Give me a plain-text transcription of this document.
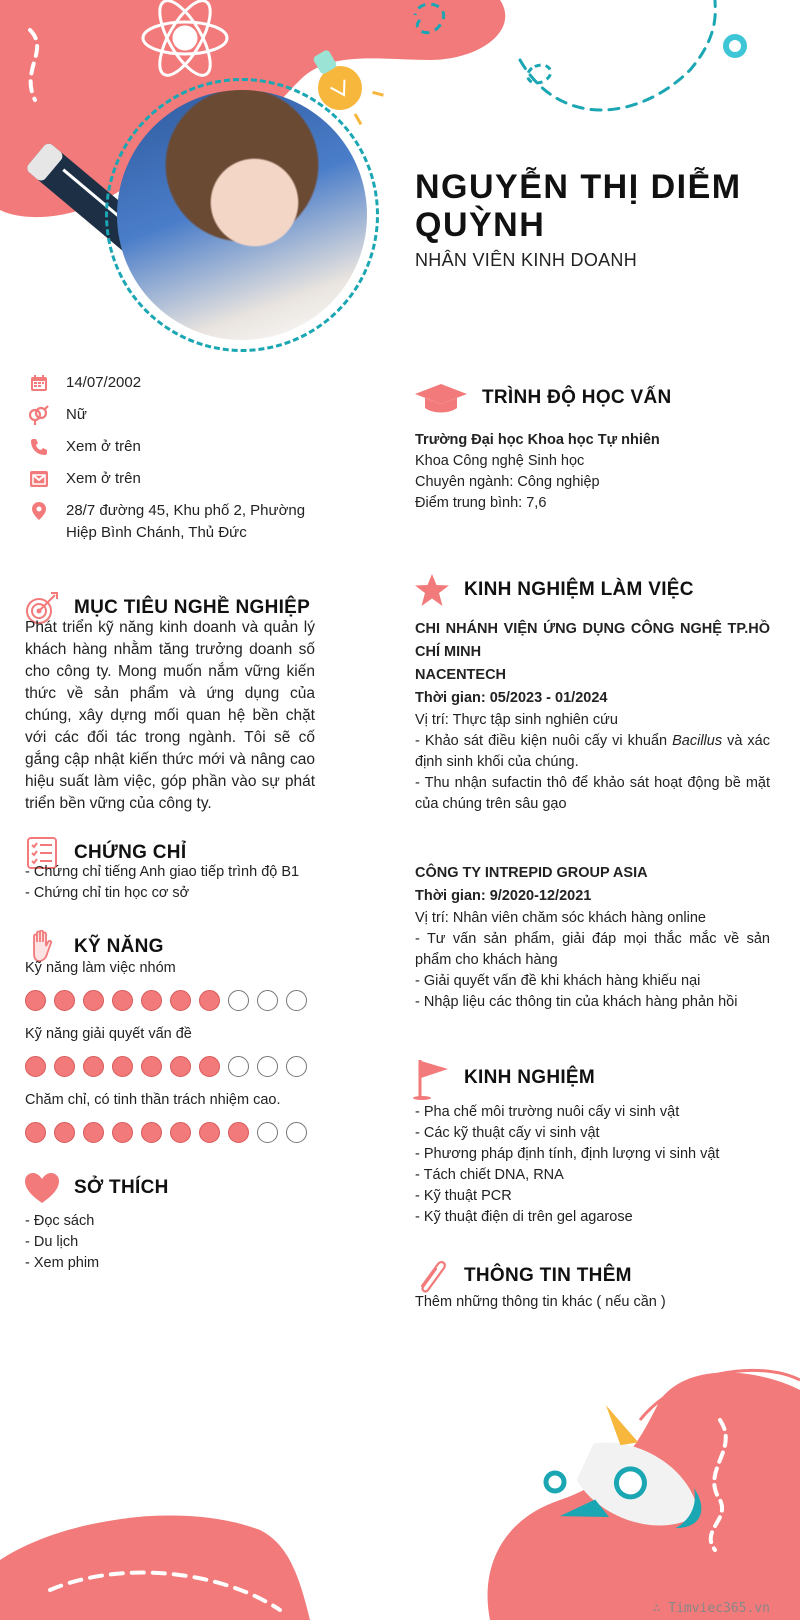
NGUYỄN THỊ DIỄM QUỲNH
NHÂN VIÊN KINH DOANH
14/07/2002
Nữ
Xem ở trên
Xem ở trên
28/7 đường 45, Khu phố 2, Phường Hiệp Bình Chánh, Thủ Đức
MỤC TIÊU NGHỀ NGHIỆP
Phát triển kỹ năng kinh doanh và quản lý khách hàng nhằm tăng trưởng doanh số cho công ty. Mong muốn nắm vững kiến thức về sản phẩm và ứng dụng của chúng, xây dựng mối quan hệ bền chặt với các đối tác trong ngành. Tôi sẽ cố gắng cập nhật kiến thức mới và nâng cao hiệu suất làm việc, góp phần vào sự phát triển bền vững của công ty.
CHỨNG CHỈ
- Chứng chỉ tiếng Anh giao tiếp trình độ B1
- Chứng chỉ tin học cơ sở
KỸ NĂNG
Kỹ năng làm việc nhóm
Kỹ năng giải quyết vấn đề
Chăm chỉ, có tinh thần trách nhiệm cao.
SỞ THÍCH
- Đọc sách
- Du lịch
- Xem phim
TRÌNH ĐỘ HỌC VẤN
Trường Đại học Khoa học Tự nhiên
Khoa Công nghệ Sinh học
Chuyên ngành: Công nghiệp
Điểm trung bình: 7,6
KINH NGHIỆM LÀM VIỆC
CHI NHÁNH VIỆN ỨNG DỤNG CÔNG NGHỆ TP.HỒ CHÍ MINH
NACENTECH
Thời gian: 05/2023 - 01/2024
Vị trí: Thực tập sinh nghiên cứu
- Khảo sát điều kiện nuôi cấy vi khuẩn Bacillus và xác định sinh khối của chúng.
- Thu nhận sufactin thô để khảo sát hoạt động bề mặt của chúng trên sâu gạo
CÔNG TY INTREPID GROUP ASIA
Thời gian: 9/2020-12/2021
Vị trí: Nhân viên chăm sóc khách hàng online
- Tư vấn sản phẩm, giải đáp mọi thắc mắc về sản phẩm cho khách hàng
- Giải quyết vấn đề khi khách hàng khiếu nại
- Nhập liệu các thông tin của khách hàng phản hồi
KINH NGHIỆM
- Pha chế môi trường nuôi cấy vi sinh vật
- Các kỹ thuật cấy vi sinh vật
- Phương pháp định tính, định lượng vi sinh vật
- Tách chiết DNA, RNA
- Kỹ thuật PCR
- Kỹ thuật điện di trên gel agarose
THÔNG TIN THÊM
Thêm những thông tin khác ( nếu cần )
∴ Timviec365.vn
